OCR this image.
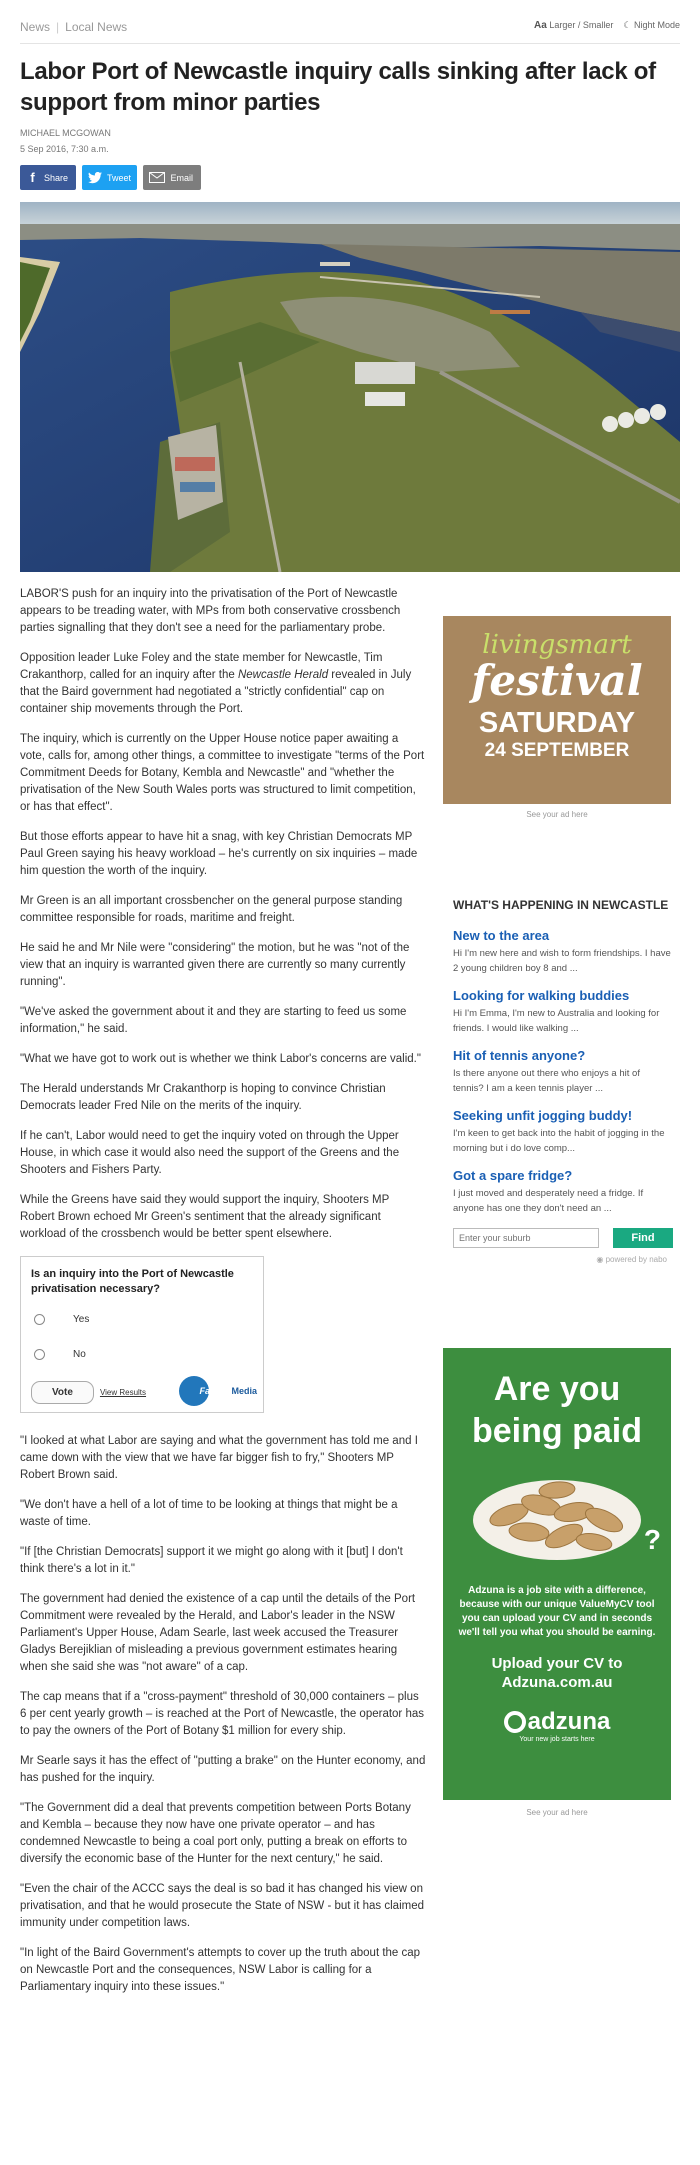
News | Local News	Aa Larger / Smaller ☾ Night Mode
Labor Port of Newcastle inquiry calls sinking after lack of support from minor parties
MICHAEL MCGOWAN
5 Sep 2016, 7:30 a.m.
f	Share	Tweet	Email

LABOR'S push for an inquiry into the privatisation of the Port of Newcastle appears to be treading water, with MPs from both conservative crossbench parties signalling that they don't see a need for the parliamentary probe.

Opposition leader Luke Foley and the state member for Newcastle, Tim Crakanthorp, called for an inquiry after the Newcastle Herald revealed in July that the Baird government had negotiated a "strictly confidential" cap on container ship movements through the Port.

The inquiry, which is currently on the Upper House notice paper awaiting a vote, calls for, among other things, a committee to investigate "terms of the Port Commitment Deeds for Botany, Kembla and Newcastle" and "whether the privatisation of the New South Wales ports was structured to limit competition, or has that effect".

But those efforts appear to have hit a snag, with key Christian Democrats MP Paul Green saying his heavy workload – he's currently on six inquiries – made him question the worth of the inquiry.

Mr Green is an all important crossbencher on the general purpose standing committee responsible for roads, maritime and freight.

He said he and Mr Nile were "considering" the motion, but he was "not of the view that an inquiry is warranted given there are currently so many currently running".

"We've asked the government about it and they are starting to feed us some information," he said.

"What we have got to work out is whether we think Labor's concerns are valid."

The Herald understands Mr Crakanthorp is hoping to convince Christian Democrats leader Fred Nile on the merits of the inquiry.

If he can't, Labor would need to get the inquiry voted on through the Upper House, in which case it would also need the support of the Greens and the Shooters and Fishers Party.

While the Greens have said they would support the inquiry, Shooters MP Robert Brown echoed Mr Green's sentiment that the already significant workload of the crossbench would be better spent elsewhere.

Is an inquiry into the Port of Newcastle privatisation necessary?
Yes
No
Vote	View Results	Fairfax
Media

"I looked at what Labor are saying and what the government has told me and I came down with the view that we have far bigger fish to fry," Shooters MP Robert Brown said.

"We don't have a hell of a lot of time to be looking at things that might be a waste of time.

"If [the Christian Democrats] support it we might go along with it [but] I don't think there's a lot in it."

The government had denied the existence of a cap until the details of the Port Commitment were revealed by the Herald, and Labor's leader in the NSW Parliament's Upper House, Adam Searle, last week accused the Treasurer Gladys Berejiklian of misleading a previous government estimates hearing when she said she was "not aware" of a cap.

The cap means that if a "cross-payment" threshold of 30,000 containers – plus 6 per cent yearly growth – is reached at the Port of Newcastle, the operator has to pay the owners of the Port of Botany $1 million for every ship.

Mr Searle says it has the effect of "putting a brake" on the Hunter economy, and has pushed for the inquiry.

"The Government did a deal that prevents competition between Ports Botany and Kembla – because they now have one private operator – and has condemned Newcastle to being a coal port only, putting a break on efforts to diversify the economic base of the Hunter for the next century," he said.

"Even the chair of the ACCC says the deal is so bad it has changed his view on privatisation, and that he would prosecute the State of NSW - but it has claimed immunity under competition laws.

"In light of the Baird Government's attempts to cover up the truth about the cap on Newcastle Port and the consequences, NSW Labor is calling for a Parliamentary inquiry into these issues."

livingsmart
festival
SATURDAY
24 SEPTEMBER
See your ad here
WHAT'S HAPPENING IN NEWCASTLE
New to the area
Hi I'm new here and wish to form friendships. I have 2 young children boy 8 and ...
Looking for walking buddies
Hi I'm Emma, I'm new to Australia and looking for friends. I would like walking ...
Hit of tennis anyone?
Is there anyone out there who enjoys a hit of tennis? I am a keen tennis player ...
Seeking unfit jogging buddy!
I'm keen to get back into the habit of jogging in the morning but i do love comp...
Got a spare fridge?
I just moved and desperately need a fridge. If anyone has one they don't need an ...
Enter your suburb
Find
◉ powered by nabo
Are you being paid
?
Adzuna is a job site with a difference, because with our unique ValueMyCV tool you can upload your CV and in seconds we'll tell you what you should be earning.
Upload your CV to
Adzuna.com.au
adzuna
Your new job starts here
See your ad here
